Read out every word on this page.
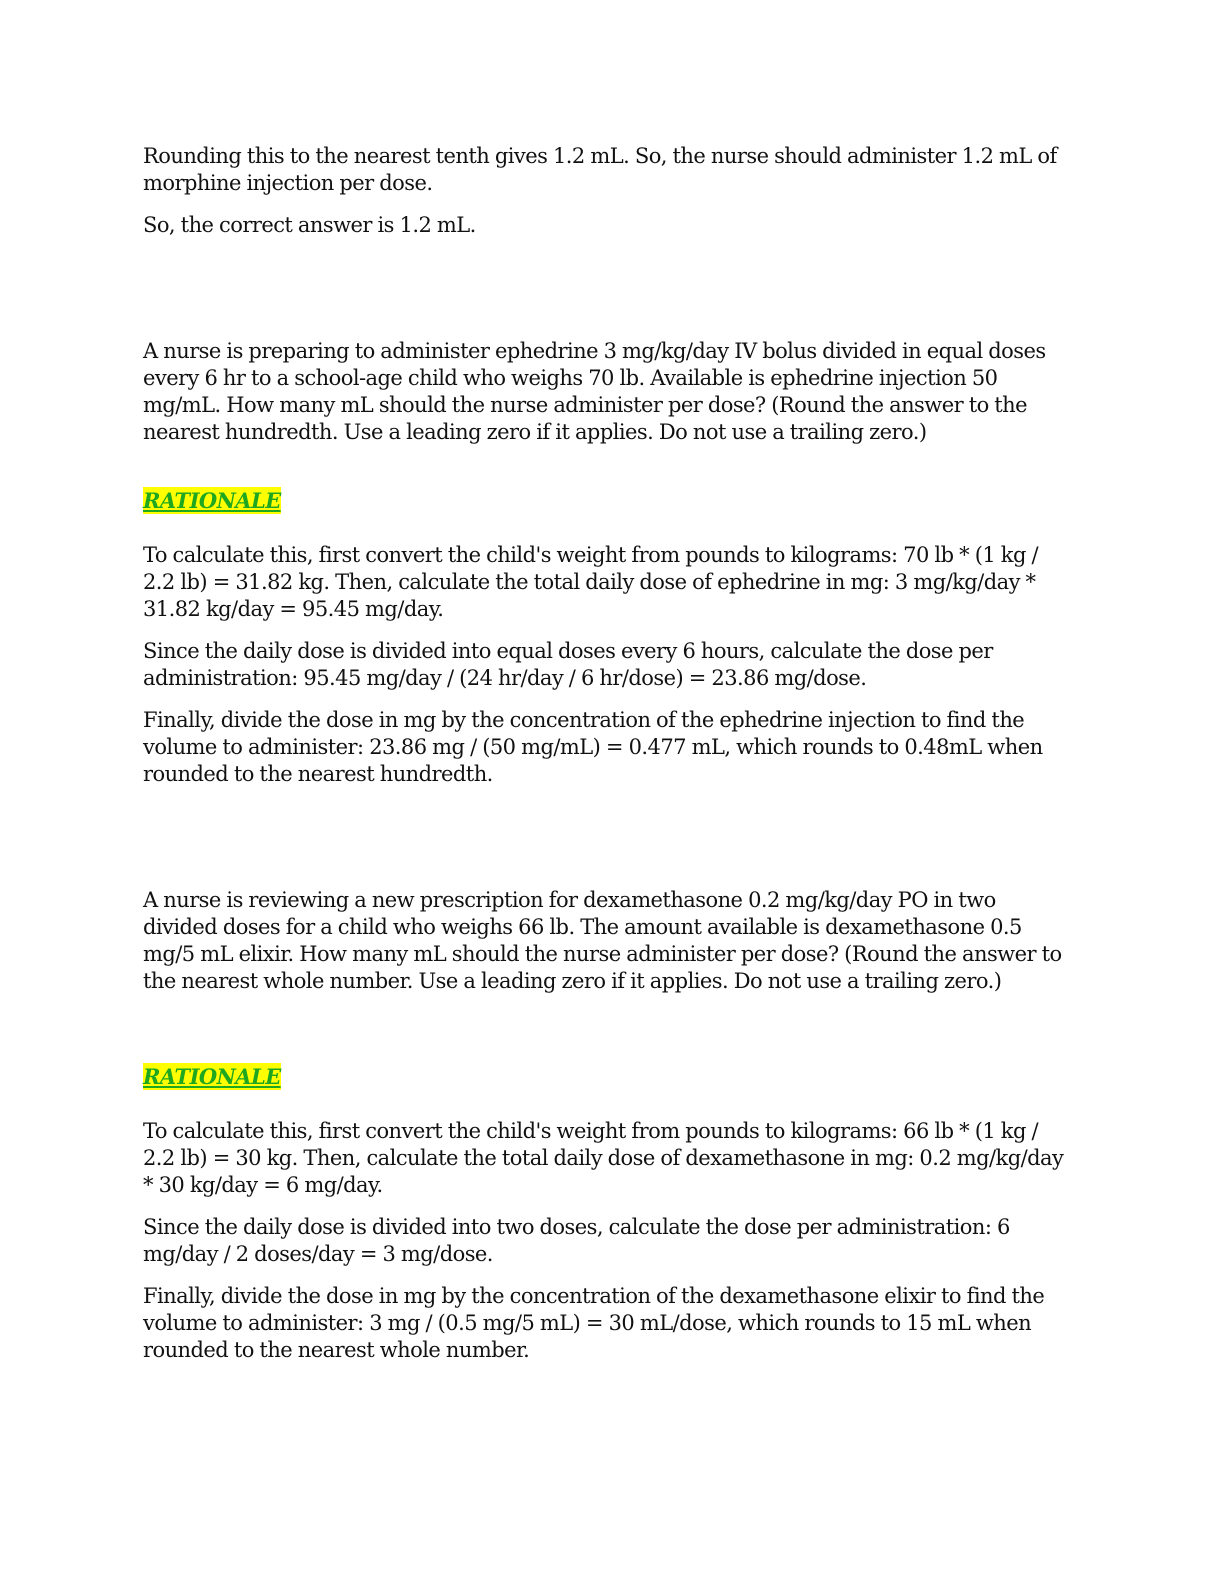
Rounding this to the nearest tenth gives 1.2 mL. So, the nurse should administer 1.2 mL of morphine injection per dose.

So, the correct answer is 1.2 mL.

A nurse is preparing to administer ephedrine 3 mg/kg/day IV bolus divided in equal doses every 6 hr to a school-age child who weighs 70 lb. Available is ephedrine injection 50 mg/mL. How many mL should the nurse administer per dose? (Round the answer to the nearest hundredth. Use a leading zero if it applies. Do not use a trailing zero.)

RATIONALE

To calculate this, first convert the child's weight from pounds to kilograms: 70 lb * (1 kg / 2.2 lb) = 31.82 kg. Then, calculate the total daily dose of ephedrine in mg: 3 mg/kg/day * 31.82 kg/day = 95.45 mg/day.

Since the daily dose is divided into equal doses every 6 hours, calculate the dose per administration: 95.45 mg/day / (24 hr/day / 6 hr/dose) = 23.86 mg/dose.

Finally, divide the dose in mg by the concentration of the ephedrine injection to find the volume to administer: 23.86 mg / (50 mg/mL) = 0.477 mL, which rounds to 0.48mL when rounded to the nearest hundredth.

A nurse is reviewing a new prescription for dexamethasone 0.2 mg/kg/day PO in two divided doses for a child who weighs 66 lb. The amount available is dexamethasone 0.5 mg/5 mL elixir. How many mL should the nurse administer per dose? (Round the answer to the nearest whole number. Use a leading zero if it applies. Do not use a trailing zero.)

RATIONALE

To calculate this, first convert the child's weight from pounds to kilograms: 66 lb * (1 kg / 2.2 lb) = 30 kg. Then, calculate the total daily dose of dexamethasone in mg: 0.2 mg/kg/day * 30 kg/day = 6 mg/day.

Since the daily dose is divided into two doses, calculate the dose per administration: 6 mg/day / 2 doses/day = 3 mg/dose.

Finally, divide the dose in mg by the concentration of the dexamethasone elixir to find the volume to administer: 3 mg / (0.5 mg/5 mL) = 30 mL/dose, which rounds to 15 mL when rounded to the nearest whole number.
